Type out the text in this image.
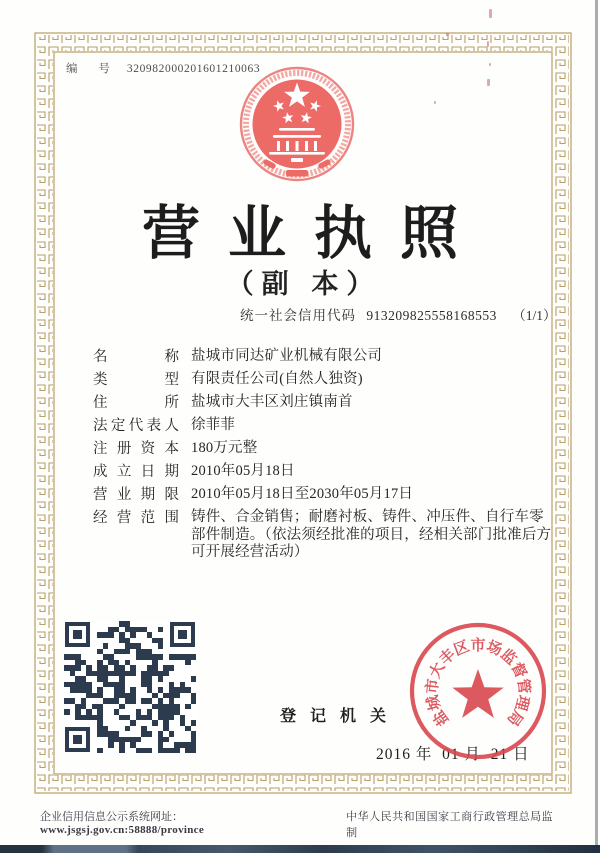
编 号 320982000201601210063
营业执照
（副 本）
统一社会信用代码 913209825558168553 （1/1）
名称 盐城市同达矿业机械有限公司
类型 有限责任公司(自然人独资)
住所 盐城市大丰区刘庄镇南首
法定代表人 徐菲菲
注册资本 180万元整
成立日期 2010年05月18日
营业期限 2010年05月18日至2030年05月17日
经营范围 铸件、合金销售；耐磨衬板、铸件、冲压件、自行车零部件制造。（依法须经批准的项目，经相关部门批准后方可开展经营活动）
登记机关 盐
城
市
大
丰
区
市
场
监
督
管
理
局
2016 年  01 月  21 日
企业信用信息公示系统网址：www.jsgsj.gov.cn:58888/province
中华人民共和国国家工商行政管理总局监制
